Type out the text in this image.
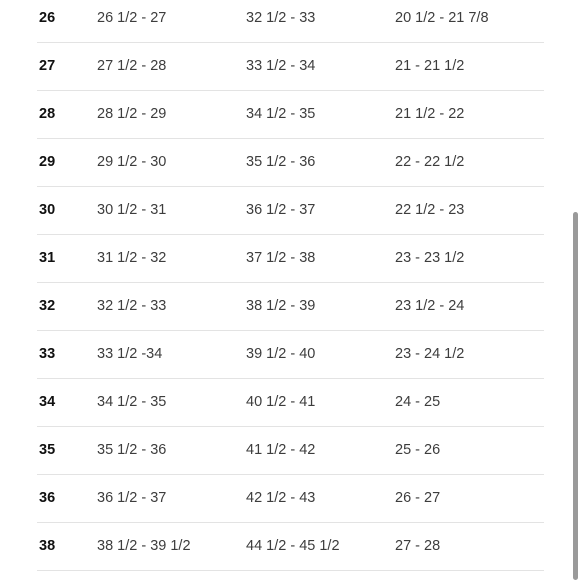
26	26 1/2 - 27	32 1/2 - 33	20 1/2 - 21 7/8
27	27 1/2 - 28	33 1/2 - 34	21 - 21 1/2
28	28 1/2 - 29	34 1/2 - 35	21 1/2 - 22
29	29 1/2 - 30	35 1/2 - 36	22 - 22 1/2
30	30 1/2 - 31	36 1/2 - 37	22 1/2 - 23
31	31 1/2 - 32	37 1/2 - 38	23 - 23 1/2
32	32 1/2 - 33	38 1/2 - 39	23 1/2 - 24
33	33 1/2 -34	39 1/2 - 40	23 - 24 1/2
34	34 1/2 - 35	40 1/2 - 41	24 - 25
35	35 1/2 - 36	41 1/2 - 42	25 - 26
36	36 1/2 - 37	42 1/2 - 43	26 - 27
38	38 1/2 - 39 1/2	44 1/2 - 45 1/2	27 - 28
